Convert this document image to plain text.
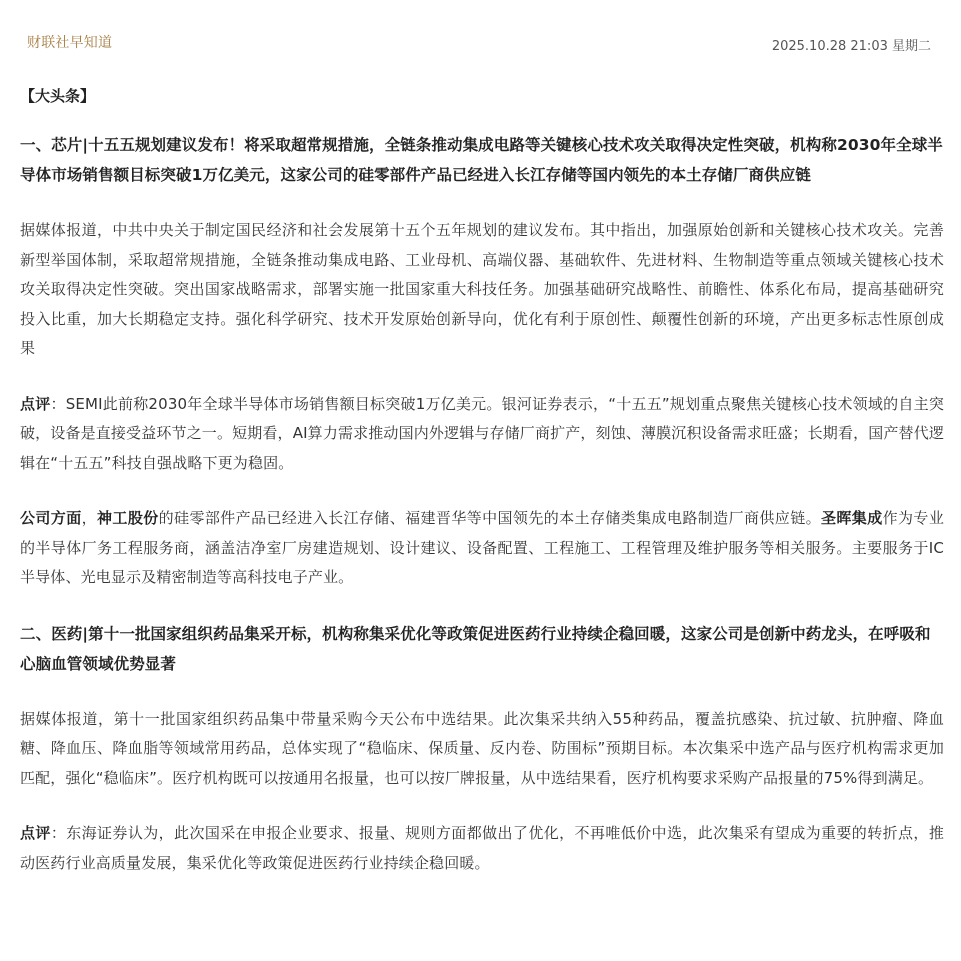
财联社早知道	2025.10.28 21:03 星期二
【大头条】
一、芯片|十五五规划建议发布！将采取超常规措施，全链条推动集成电路等关键核心技术攻关取得决定性突破，机构称2030年全球半导体市场销售额目标突破1万亿美元，这家公司的硅零部件产品已经进入长江存储等国内领先的本土存储厂商供应链

据媒体报道，中共中央关于制定国民经济和社会发展第十五个五年规划的建议发布。其中指出，加强原始创新和关键核心技术攻关。完善新型举国体制，采取超常规措施，全链条推动集成电路、工业母机、高端仪器、基础软件、先进材料、生物制造等重点领域关键核心技术攻关取得决定性突破。突出国家战略需求，部署实施一批国家重大科技任务。加强基础研究战略性、前瞻性、体系化布局，提高基础研究投入比重，加大长期稳定支持。强化科学研究、技术开发原始创新导向，优化有利于原创性、颠覆性创新的环境，产出更多标志性原创成果

点评：SEMI此前称2030年全球半导体市场销售额目标突破1万亿美元。银河证券表示，“十五五”规划重点聚焦关键核心技术领域的自主突破，设备是直接受益环节之一。短期看，AI算力需求推动国内外逻辑与存储厂商扩产，刻蚀、薄膜沉积设备需求旺盛；长期看，国产替代逻辑在“十五五”科技自强战略下更为稳固。

公司方面，神工股份的硅零部件产品已经进入长江存储、福建晋华等中国领先的本土存储类集成电路制造厂商供应链。圣晖集成作为专业的半导体厂务工程服务商，涵盖洁净室厂房建造规划、设计建议、设备配置、工程施工、工程管理及维护服务等相关服务。主要服务于IC半导体、光电显示及精密制造等高科技电子产业。

二、医药|第十一批国家组织药品集采开标，机构称集采优化等政策促进医药行业持续企稳回暖，这家公司是创新中药龙头，在呼吸和心脑血管领域优势显著

据媒体报道，第十一批国家组织药品集中带量采购今天公布中选结果。此次集采共纳入55种药品，覆盖抗感染、抗过敏、抗肿瘤、降血糖、降血压、降血脂等领域常用药品，总体实现了“稳临床、保质量、反内卷、防围标”预期目标。本次集采中选产品与医疗机构需求更加匹配，强化“稳临床”。医疗机构既可以按通用名报量，也可以按厂牌报量，从中选结果看，医疗机构要求采购产品报量的75%得到满足。

点评：东海证券认为，此次国采在申报企业要求、报量、规则方面都做出了优化，不再唯低价中选，此次集采有望成为重要的转折点，推动医药行业高质量发展，集采优化等政策促进医药行业持续企稳回暖。
